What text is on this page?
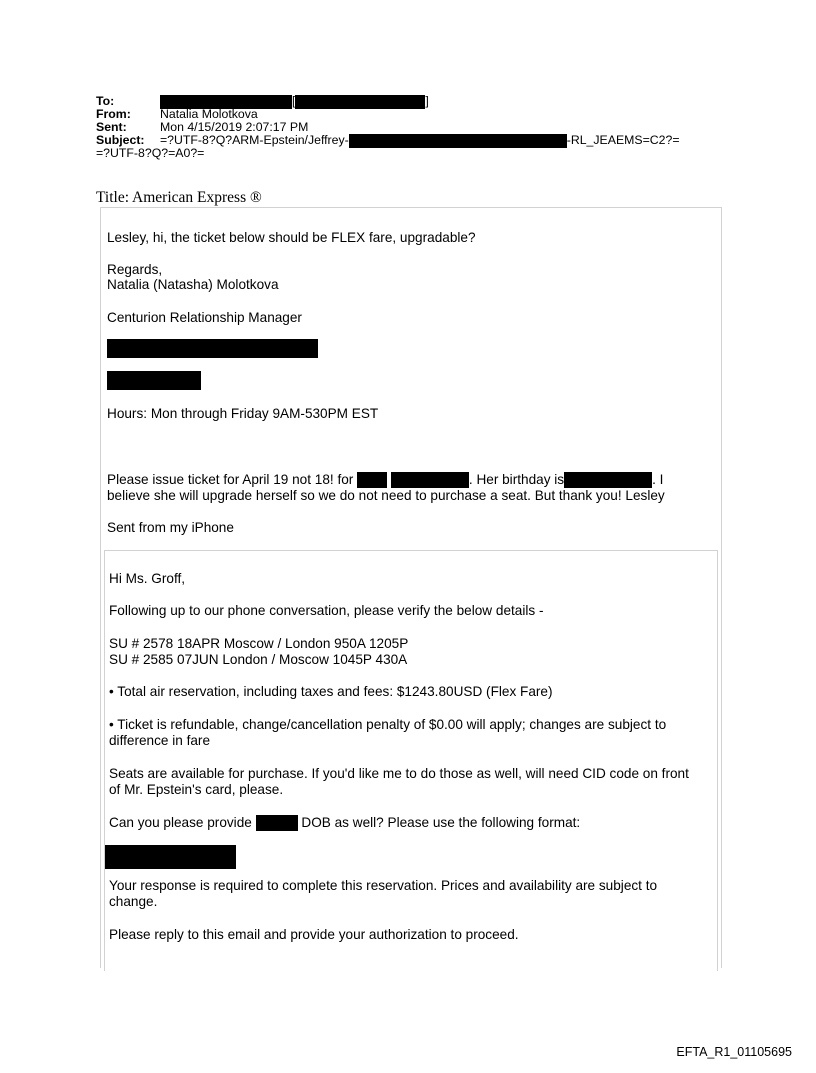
To:	[	]
From:	Natalia Molotkova
Sent:	Mon 4/15/2019 2:07:17 PM
Subject:	=?UTF-8?Q?ARM-Epstein/Jeffrey-	-RL_JEAEMS=C2?=
=?UTF-8?Q?=A0?=
Title: American Express ®
Lesley, hi, the ticket below should be FLEX fare, upgradable?
Regards,
Natalia (Natasha) Molotkova
Centurion Relationship Manager
Hours: Mon through Friday 9AM-530PM EST
Please issue ticket for April 19 not 18! for	. Her birthday is	. I
believe she will upgrade herself so we do not need to purchase a seat. But thank you! Lesley
Sent from my iPhone
Hi Ms. Groff,
Following up to our phone conversation, please verify the below details -
SU # 2578 18APR Moscow / London 950A 1205P
SU # 2585 07JUN London / Moscow 1045P 430A
• Total air reservation, including taxes and fees: $1243.80USD (Flex Fare)
• Ticket is refundable, change/cancellation penalty of $0.00 will apply; changes are subject to
difference in fare
Seats are available for purchase. If you'd like me to do those as well, will need CID code on front
of Mr. Epstein's card, please.
Can you please provide	DOB as well? Please use the following format:
Your response is required to complete this reservation. Prices and availability are subject to
change.
Please reply to this email and provide your authorization to proceed.
EFTA_R1_01105695
